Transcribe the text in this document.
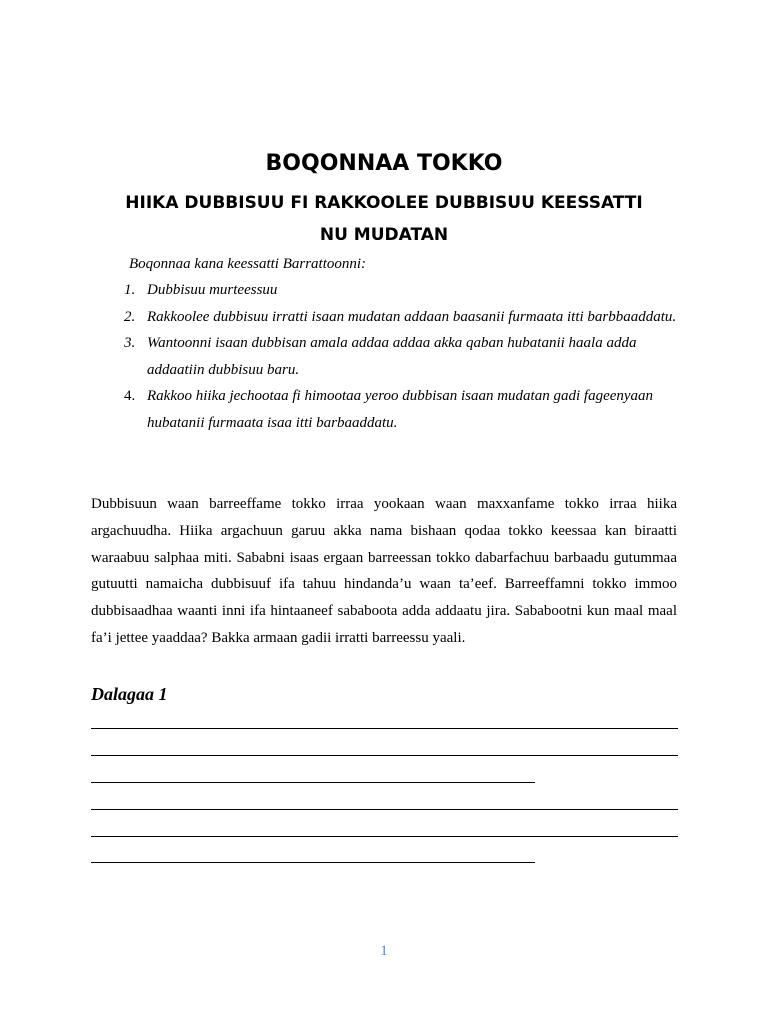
BOQONNAA TOKKO
HIIKA DUBBISUU FI RAKKOOLEE DUBBISUU KEESSATTI NU MUDATAN
Boqonnaa kana keessatti Barrattoonni:
1. Dubbisuu murteessuu
2. Rakkoolee dubbisuu irratti isaan mudatan addaan baasanii furmaata itti barbbaaddatu.
3. Wantoonni isaan dubbisan amala addaa addaa akka qaban hubatanii haala adda addaatiin dubbisuu baru.
4. Rakkoo hiika jechootaa fi himootaa yeroo dubbisan isaan mudatan gadi fageenyaan hubatanii furmaata isaa itti barbaaddatu.

Dubbisuun waan barreeffame tokko irraa yookaan waan maxxanfame tokko irraa hiika argachuudha. Hiika argachuun garuu akka nama bishaan qodaa tokko keessaa kan biraatti waraabuu salphaa miti. Sababni isaas ergaan barreessan tokko dabarfachuu barbaadu gutummaa gutuutti namaicha dubbisuuf ifa tahuu hindanda’u waan ta’eef. Barreeffamni tokko immoo dubbisaadhaa waanti inni ifa hintaaneef sababoota adda addaatu jira. Sababootni kun maal maal fa’i jettee yaaddaa? Bakka armaan gadii irratti barreessu yaali.

Dalagaa 1
1
